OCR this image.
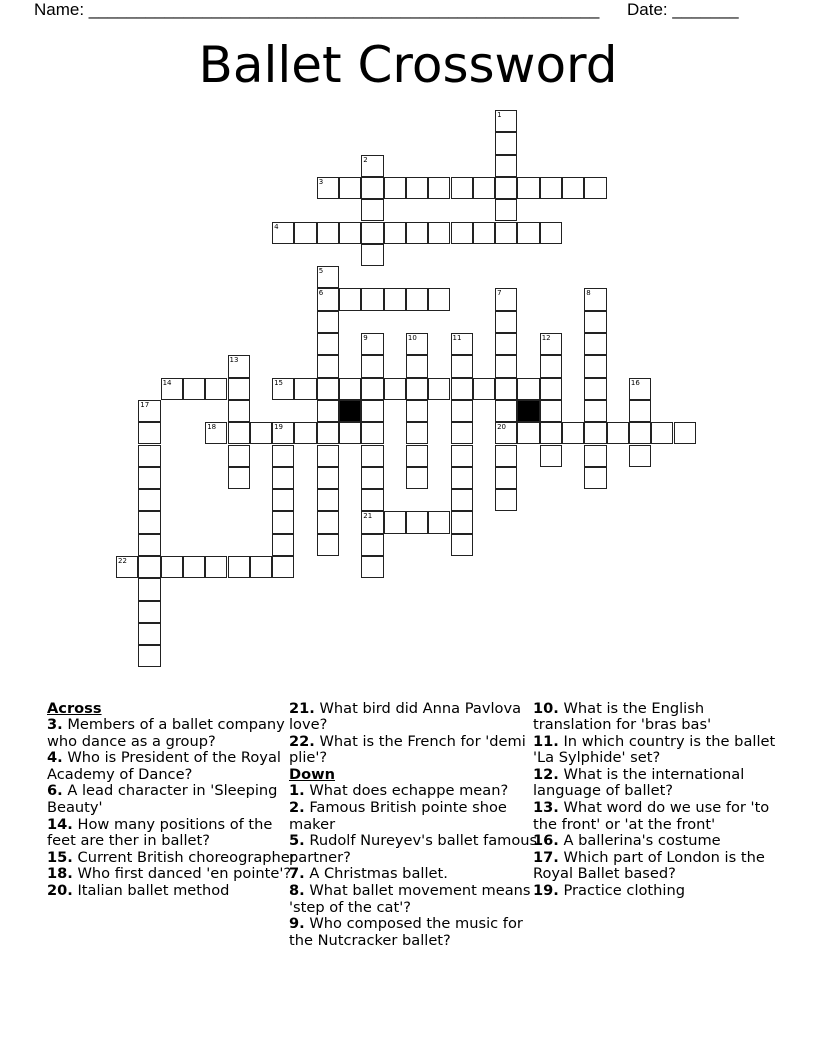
Name: ______________________________________________________ Date: _______
Ballet Crossword
1
2
3
4
5
6	7
20
8
9
21
10	11	12
13
14	15	16
17
18	19
22
Across
3. Members of a ballet company who dance as a group?
4. Who is President of the Royal Academy of Dance?
6. A lead character in 'Sleeping Beauty'
14. How many positions of the feet are ther in ballet?
15. Current British choreographer
18. Who first danced 'en pointe'?
20. Italian ballet method
21. What bird did Anna Pavlova love?
22. What is the French for 'demi plie'?
Down
1. What does echappe mean?
2. Famous British pointe shoe maker
5. Rudolf Nureyev's ballet famous partner?
7. A Christmas ballet.
8. What ballet movement means 'step of the cat'?
9. Who composed the music for the Nutcracker ballet?
10. What is the English translation for 'bras bas'
11. In which country is the ballet 'La Sylphide' set?
12. What is the international language of ballet?
13. What word do we use for 'to the front' or 'at the front'
16. A ballerina's costume
17. Which part of London is the Royal Ballet based?
19. Practice clothing
